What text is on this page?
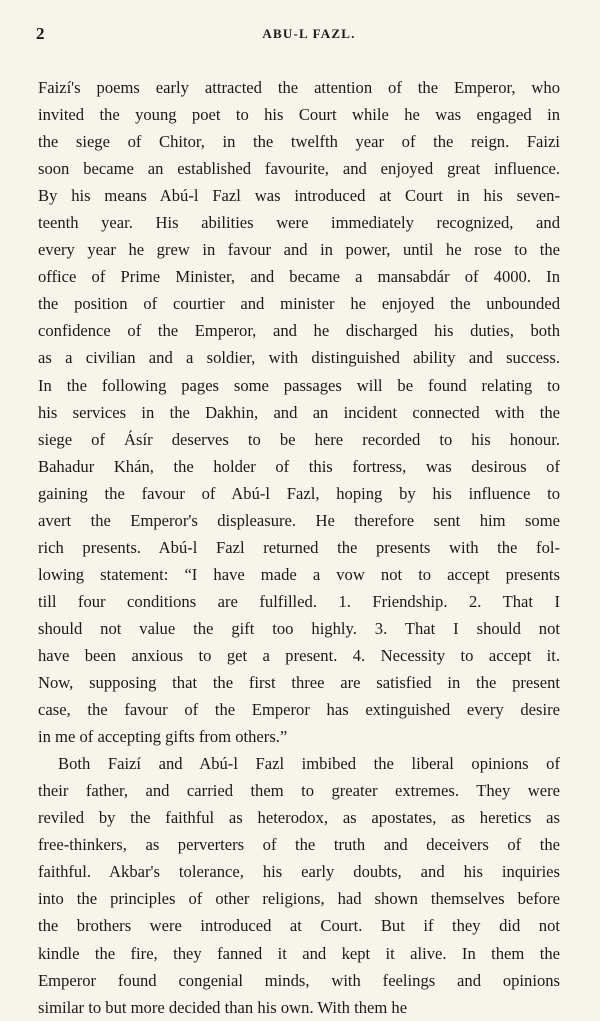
2	ABU-L FAZL.
Faizí's poems early attracted the attention of the Emperor, who
invited the young poet to his Court while he was engaged in
the siege of Chitor, in the twelfth year of the reign. Faizi
soon became an established favourite, and enjoyed great influence.
By his means Abú-l Fazl was introduced at Court in his seven-
teenth year. His abilities were immediately recognized, and
every year he grew in favour and in power, until he rose to the
office of Prime Minister, and became a mansabdár of 4000. In
the position of courtier and minister he enjoyed the unbounded
confidence of the Emperor, and he discharged his duties, both
as a civilian and a soldier, with distinguished ability and success.
In the following pages some passages will be found relating to
his services in the Dakhin, and an incident connected with the
siege of Ásír deserves to be here recorded to his honour.
Bahadur Khán, the holder of this fortress, was desirous of
gaining the favour of Abú-l Fazl, hoping by his influence to
avert the Emperor's displeasure. He therefore sent him some
rich presents. Abú-l Fazl returned the presents with the fol-
lowing statement: “I have made a vow not to accept presents
till four conditions are fulfilled. 1. Friendship. 2. That I
should not value the gift too highly. 3. That I should not
have been anxious to get a present. 4. Necessity to accept it.
Now, supposing that the first three are satisfied in the present
case, the favour of the Emperor has extinguished every desire
in me of accepting gifts from others.”
Both Faizí and Abú-l Fazl imbibed the liberal opinions of
their father, and carried them to greater extremes. They were
reviled by the faithful as heterodox, as apostates, as heretics as
free-thinkers, as perverters of the truth and deceivers of the
faithful. Akbar's tolerance, his early doubts, and his inquiries
into the principles of other religions, had shown themselves before
the brothers were introduced at Court. But if they did not
kindle the fire, they fanned it and kept it alive. In them the
Emperor found congenial minds, with feelings and opinions
similar to but more decided than his own. With them he
